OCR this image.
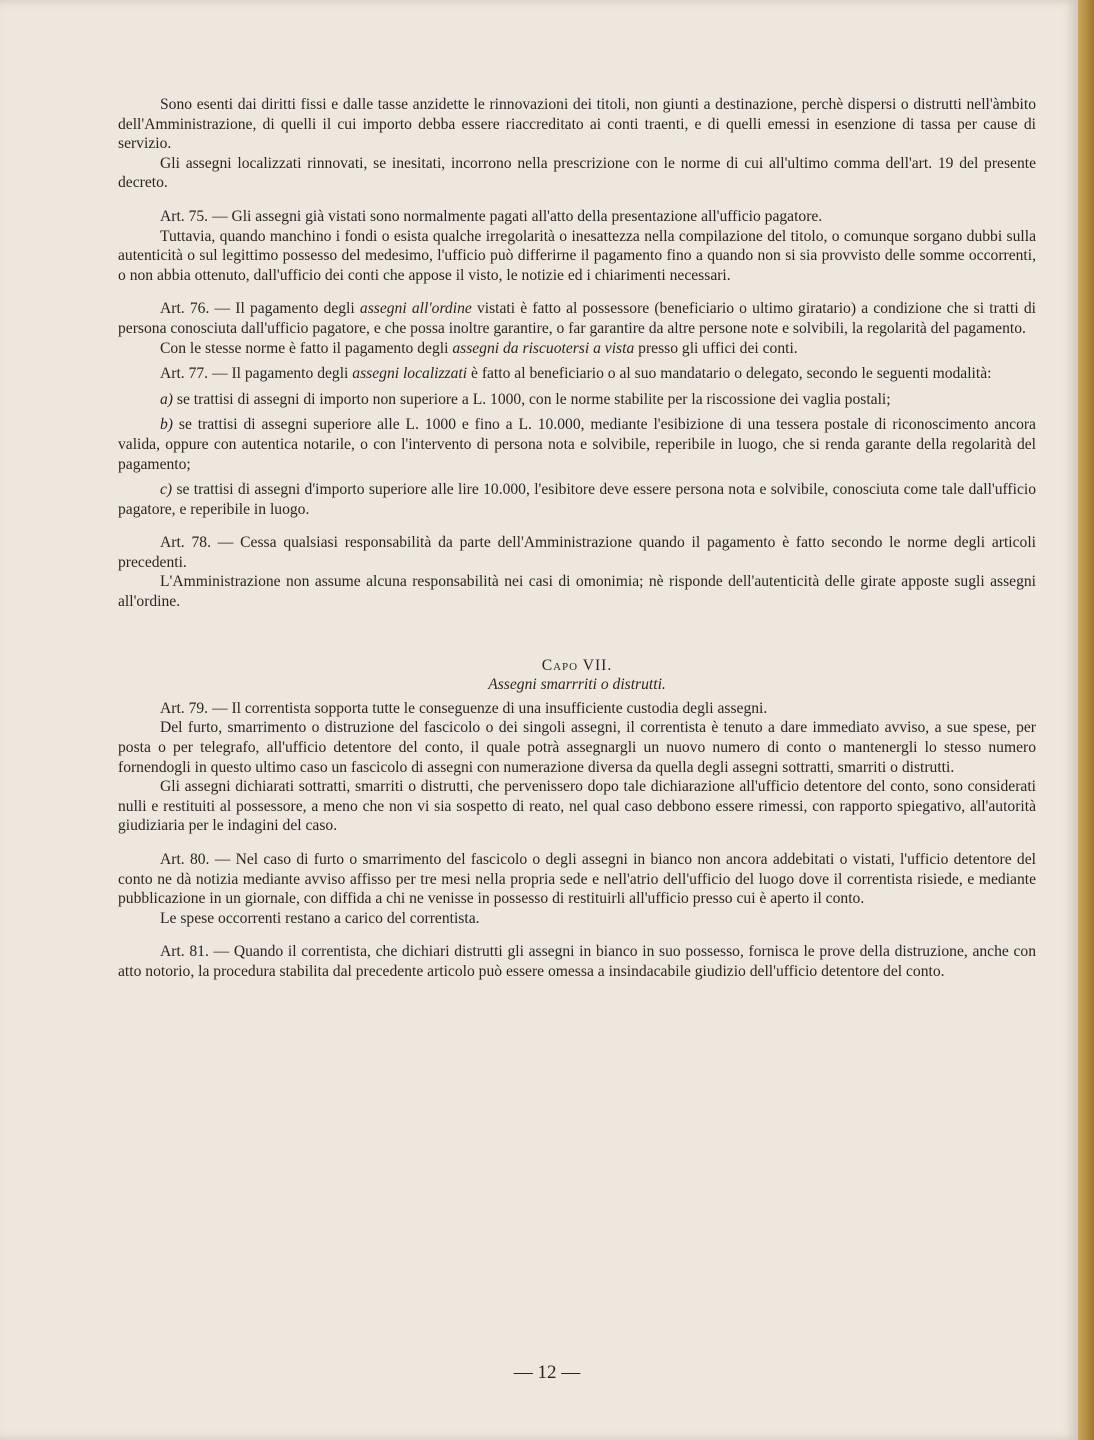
Sono esenti dai diritti fissi e dalle tasse anzidette le rinnovazioni dei titoli, non giunti a destinazione, perchè dispersi o distrutti nell'àmbito dell'Amministrazione, di quelli il cui importo debba essere riaccreditato ai conti traenti, e di quelli emessi in esenzione di tassa per cause di servizio.

Gli assegni localizzati rinnovati, se inesitati, incorrono nella prescrizione con le norme di cui all'ultimo comma dell'art. 19 del presente decreto.

Art. 75. — Gli assegni già vistati sono normalmente pagati all'atto della presentazione all'ufficio pagatore.

Tuttavia, quando manchino i fondi o esista qualche irregolarità o inesattezza nella compilazione del titolo, o comunque sorgano dubbi sulla autenticità o sul legittimo possesso del medesimo, l'ufficio può differirne il pagamento fino a quando non si sia provvisto delle somme occorrenti, o non abbia ottenuto, dall'ufficio dei conti che appose il visto, le notizie ed i chiarimenti necessari.

Art. 76. — Il pagamento degli assegni all'ordine vistati è fatto al possessore (beneficiario o ultimo giratario) a condizione che si tratti di persona conosciuta dall'ufficio pagatore, e che possa inoltre garantire, o far garantire da altre persone note e solvibili, la regolarità del pagamento.

Con le stesse norme è fatto il pagamento degli assegni da riscuotersi a vista presso gli uffici dei conti.

Art. 77. — Il pagamento degli assegni localizzati è fatto al beneficiario o al suo mandatario o delegato, secondo le seguenti modalità:

a) se trattisi di assegni di importo non superiore a L. 1000, con le norme stabilite per la riscossione dei vaglia postali;

b) se trattisi di assegni superiore alle L. 1000 e fino a L. 10.000, mediante l'esibizione di una tessera postale di riconoscimento ancora valida, oppure con autentica notarile, o con l'intervento di persona nota e solvibile, reperibile in luogo, che si renda garante della regolarità del pagamento;

c) se trattisi di assegni d'importo superiore alle lire 10.000, l'esibitore deve essere persona nota e solvibile, conosciuta come tale dall'ufficio pagatore, e reperibile in luogo.

Art. 78. — Cessa qualsiasi responsabilità da parte dell'Amministrazione quando il pagamento è fatto secondo le norme degli articoli precedenti.

L'Amministrazione non assume alcuna responsabilità nei casi di omonimia; nè risponde dell'autenticità delle girate apposte sugli assegni all'ordine.

Capo VII.

Assegni smarrriti o distrutti.

Art. 79. — Il correntista sopporta tutte le conseguenze di una insufficiente custodia degli assegni.

Del furto, smarrimento o distruzione del fascicolo o dei singoli assegni, il correntista è tenuto a dare immediato avviso, a sue spese, per posta o per telegrafo, all'ufficio detentore del conto, il quale potrà assegnargli un nuovo numero di conto o mantenergli lo stesso numero fornendogli in questo ultimo caso un fascicolo di assegni con numerazione diversa da quella degli assegni sottratti, smarriti o distrutti.

Gli assegni dichiarati sottratti, smarriti o distrutti, che pervenissero dopo tale dichiarazione all'ufficio detentore del conto, sono considerati nulli e restituiti al possessore, a meno che non vi sia sospetto di reato, nel qual caso debbono essere rimessi, con rapporto spiegativo, all'autorità giudiziaria per le indagini del caso.

Art. 80. — Nel caso di furto o smarrimento del fascicolo o degli assegni in bianco non ancora addebitati o vistati, l'ufficio detentore del conto ne dà notizia mediante avviso affisso per tre mesi nella propria sede e nell'atrio dell'ufficio del luogo dove il correntista risiede, e mediante pubblicazione in un giornale, con diffida a chi ne venisse in possesso di restituirli all'ufficio presso cui è aperto il conto.

Le spese occorrenti restano a carico del correntista.

Art. 81. — Quando il correntista, che dichiari distrutti gli assegni in bianco in suo possesso, fornisca le prove della distruzione, anche con atto notorio, la procedura stabilita dal precedente articolo può essere omessa a insindacabile giudizio dell'ufficio detentore del conto.

— 12 —
